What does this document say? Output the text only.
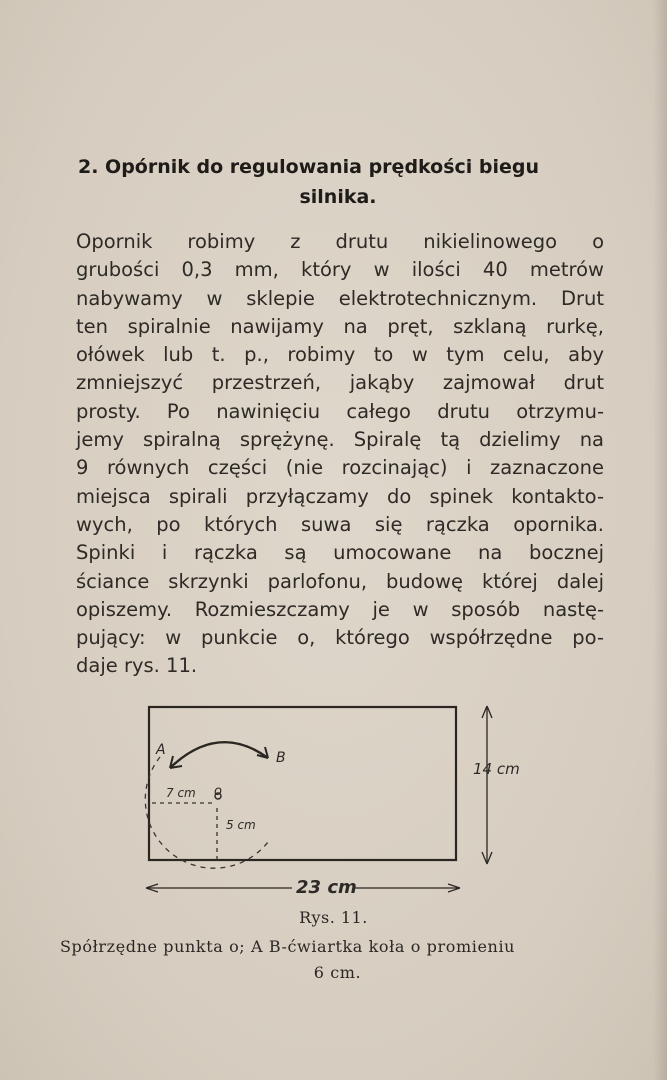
2. Opórnik do regulowania prędkości biegu
silnika.
Opornik robimy z drutu nikielinowego o
grubości 0,3 mm, który w ilości 40 metrów
nabywamy w sklepie elektrotechnicznym. Drut
ten spiralnie nawijamy na pręt, szklaną rurkę,
ołówek lub t. p., robimy to w tym celu, aby
zmniejszyć przestrzeń, jakąby zajmował drut
prosty. Po nawinięciu całego drutu otrzymu-
jemy spiralną sprężynę. Spiralę tą dzielimy na
9 równych części (nie rozcinając) i zaznaczone
miejsca spirali przyłączamy do spinek kontakto-
wych, po których suwa się rączka opornika.
Spinki i rączka są umocowane na bocznej
ściance skrzynki parlofonu, budowę której dalej
opiszemy. Rozmieszczamy je w sposób nastę-
pujący: w punkcie o, którego współrzędne po-
daje rys. 11.
A	B
o
7 cm
5 cm
14 cm
23 cm
Rys. 11.
Spółrzędne punkta o; A B-ćwiartka koła o promieniu
6 cm.
